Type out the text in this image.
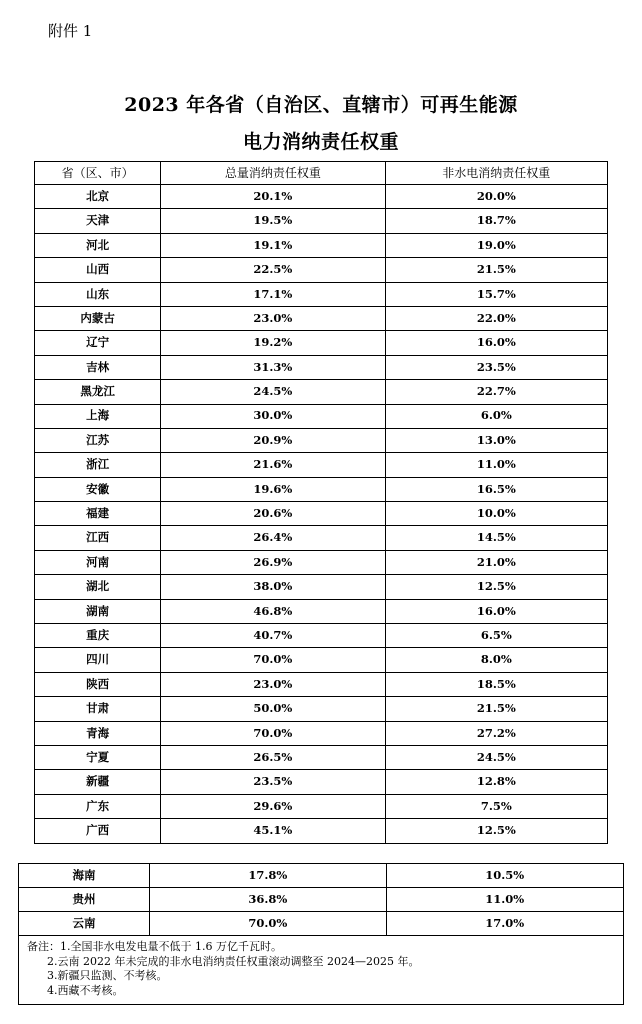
附件 1
2023 年各省（自治区、直辖市）可再生能源
电力消纳责任权重
省（区、市）	总量消纳责任权重	非水电消纳责任权重
北京	20.1%	20.0%
天津	19.5%	18.7%
河北	19.1%	19.0%
山西	22.5%	21.5%
山东	17.1%	15.7%
内蒙古	23.0%	22.0%
辽宁	19.2%	16.0%
吉林	31.3%	23.5%
黑龙江	24.5%	22.7%
上海	30.0%	6.0%
江苏	20.9%	13.0%
浙江	21.6%	11.0%
安徽	19.6%	16.5%
福建	20.6%	10.0%
江西	26.4%	14.5%
河南	26.9%	21.0%
湖北	38.0%	12.5%
湖南	46.8%	16.0%
重庆	40.7%	6.5%
四川	70.0%	8.0%
陕西	23.0%	18.5%
甘肃	50.0%	21.5%
青海	70.0%	27.2%
宁夏	26.5%	24.5%
新疆	23.5%	12.8%
广东	29.6%	7.5%
广西	45.1%	12.5%
海南	17.8%	10.5%
贵州	36.8%	11.0%
云南	70.0%	17.0%

备注：1.全国非水电发电量不低于 1.6 万亿千瓦时。
2.云南 2022 年未完成的非水电消纳责任权重滚动调整至 2024—2025 年。
3.新疆只监测、不考核。
4.西藏不考核。		
